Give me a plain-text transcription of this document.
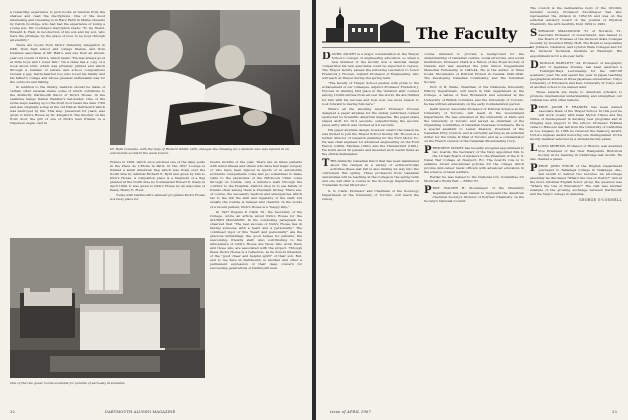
a rewarding experience to pick books at random from the shelves and read the inscriptions. One of the most interesting and revealing is in Hare Faith in Maine-chusetts by Calvin Coolidge, who had had the experience of losing a young son. Mr. Coolidge's inscription reads: "To my friend, Edward K. Hall, in recollection of his son and my son, who have the privilege, by the grace of God, to be boys through all eternity."

There are books from Dick's fraternity delegation in DKE, from high school and college friends, and from business associates of Mr. Hall's, and one from an eleven-year-old cousin of Dick's, which reads: "He was always good at little boys and I loved him." On a table lies a copy of a book about Dick, which was privately printed and which through a number of letters and school compositions reveals a gay, warm-hearted boy who loved his family and his father's college and whose greatest enthusiasm was for the outdoors and fishing.

In addition to the library, mention should be made of certain other unusual items, some of which contribute to the distinctly Dartmouth flavor of Dick's House. In the vestibule hangs Daniel Webster's hat-holder. One of the stone steps leading up to the front door bears the date 1769 and was originally a step in the old Hall at Dartmouth which was destroyed by fire. This step, preserved for years, was given to Dick's House by Dr. Kingsford. The knocker on the front door, the gift of one of Dick's best friends, is a Napoleon eagle, cast in

Dr. Ruth Connelie, with the help of Richard Smith, LPN, changes the dressing for a student who was injured in an automobile accident the week before.

France in 1805, which once adorned one of the lamp posts in the Place de L'Etoile in Paris. In the 1827 Lounge is framed a small American flag which was flown over the South Pole by Admiral Richard E. Byrd and given by him to Dick's House. A companion piece is a fragment of a flag planted at the North Pole by Commander Robert E. Peary in April 1909. It was given to Dick's House by an associate of Peary, Henry E. Rood.

Today with Dartmouth's eminent programs Dick's House is a busy place for

twelve months of the year. There are at times patients with minor illness and others who have had major surgery or who have been injured in sports or in automobile accidents. Out-patients come and go; sometimes to make visits to the physicians of the Hitchcock Clinic come through on rounds, only a minute's walk through the corridor to the Hospital. Visitors drop in to see family or friends often among them is President Dickey. There are, of course, the necessary medical and emergencies which tax to the full the skill and ingenuity of the staff, but usually the routine is relaxed and cheerful. In the words of a recent patient, Dick's House is a "happy ship."

In 1927 Eugene P. Clark '01, the Secretary of the College, wrote an article about Dick's House for the ALUMNI MAGAZINE. In his concluding paragraph he observed that "The real success of Dick's House lies in having someone with a heart and a personality." The continued vigor of this "heart and personality" are the gracious furnishings, the good homes for patients, the welcoming, friendly staff. Also contributing to the atmosphere of Dick's House are those who work there and those who are associated with the project. Through these Dick's House is a reflection, as its donors intended, of the "good cheer and helpful spirit" of their son. But, and to me here in Dartmouth, is another and other a permanent expression of their deep concern for succeeding generations of Dartmouth men.

One of the two guest rooms available for parents of seriously ill students.
32	DARTMOUTH ALUMNI MAGAZINE
The Faculty

DANIEL DICKEY is a major consideration in the Thayer School's concept of engineering education, so when a new member of the faculty won a national design competition his new associates could be expected to rejoice. The Thayer faculty passed the following resolution to honor Frederick J. Hooven, Adjunct Professor of Engineering, who will teach at Thayer during the spring term:

"The faculty of Thayer School pushes with pride to the achievement of our colleague, Adjunct Professor Frederick J. Hooven, in winning first place in the 'duration skill' contest among 10,000 entries from all over the world. We are thrilled for him with his success and how now one more reason to look forward to having him here."

What's all the shouting about? Professor Hooven designed a paper airplane for the widely publicized contest sponsored by Scientific American magazine. His paper plane stayed aloft for 10.2 seconds, outperforming the second-place entry which was clocked at 9.0 seconds.

His paper airplane design, however, wasn't the reason he was invited to join the Thayer School faculty. Mr. Hooven is a former director of research planning for the Ford Motor Co. He was chief engineer for advanced engineering on the Ford Falcon (1960), Fairlane (1961) and the Thunderbird (1961). He holds about 50 patents and invented such useful items as the orbital dishwasher.

THIS distinctly Canadian flavor that has been manifested about the campus in a variety of extracurricular activities these last fall is also finding its way into the curriculum this spring. Three professors from Canadian universities will be teaching at the College in the spring term and one will offer a course in the Sociology Department on "Canadian Social Structure."

S. D. Clark, Professor and Chairman of the Sociology Department at the University of Toronto, will teach the survey

course intended to provide a background for the understanding of Canadian culture, social structure, and social institutions. Professor Clark is a Fellow of the Royal Society of Canada and was awarded the John Simon Guggenheim Memorial Fellowship in 1943-44. He is the author of three books: Movements of Political Protest in Canada 1640-1840, The Developing Canadian Community, and The Suburban Society.

Prof. P. B. Waite, Chairman of the Dalhousie University History Department, will teach in that department at the College. A native of New Brunswick and educated at the University of British Columbia and the University of Toronto, he has written extensively on the early Confederation period.

Keith Spicer, Associate Professor of Political Science at the University of Toronto, will teach in the Government Department. He was educated at the University of Paris and the University of Toronto and served as chairman of the Organizing Committee of Canadian Overseas Volunteers. He is a special assistant to Lester Pearson, President of the Canadian Privy Council, and is currently serving as an editorial writer for the Globe & Mail of Toronto and as a commentator on the French version of the Canadian Broadcasting Corp.

PRESIDENT DICKEY has recently accepted appointment to two boards, the Secretary of the Navy appointed him to the 12-man Board of Advisors to the President of the U. S. Naval War College at Newport, R.I. The board's role is to examine broad educational policies for the college which provide mid-career naval officers with advanced education in the science of naval warfare.

Earlier he was named to the National U.S. Committee for Montreal's World Fair — EXPO '67.

PROF. WALTER H. Stockmayer of the Chemistry Department has been named to represent the American Chemical Society's Division of Polymer Chemistry on the Society's National Council.

The council is the deliberative body of the 105,000-member society. Professor Stockmayer had also represented the division in 1952-53 and was on the editorial advisory board of the Journal of Physical Chemistry, the ACS monthly, from 1959 to 1963.

SSPRAGUE SMALLWOOD '51 of Norwich, Vt., Associate Professor of Government, was named to the Board of Trustees of the Vermont State Colleges recently by Governor Philip Hoff. The Board is responsible for Johnson, Castleton, and Lyndon State Colleges and for the Vermont Technical Institute at Randolph. His appointment is for a six-year term.

DDONALD BARTLETT '24, Professor of Geography and of Japanese Studies, has been awarded a Fulbright-Hays Lectureship for the 1967-68 academic year. He will spend the year in Japan teaching geographical studies at three Japanese universities: Tokyo University of Education and Keio University in Tokyo and at another school to be named later.

These awards are made to American scholars to promote international understanding and strengthen our cultural ties with other nations.

PPROF. JACOB F. FRANKEL has been named Associate Dean of the Thayer School. In this post he will work closely with Dean Myron Tribus and the Office of Development in devising new programs and in bringing new support to the school. Professor Frankel came to Hanover last fall from the University of California at Los Angeles. In 1966 he received the Seaborg Award, UCLA's highest award honoring one distinguished UCLA faculty member selected by a student-faculty panel.

LLOUIS MORTON, Professor of History, was awarded Vice President of the New Hampshire Historical Society at its meeting in Cambridge last month. He also chaired a panel.

PPROF. JOHN FINCH of the English Department journeyed to Talladega College in Talladega, Ala., last month to deliver two lectures. An all-college assembly he discussed "What's the Use of Poetry?" and at the more informal English honor group the question was "What's the Use of Education?" The visit was another example of the growing exchange between Dartmouth and the Negro college in Alabama.

GEORGE O'CONNELL
Issue of APRIL 1967	33
